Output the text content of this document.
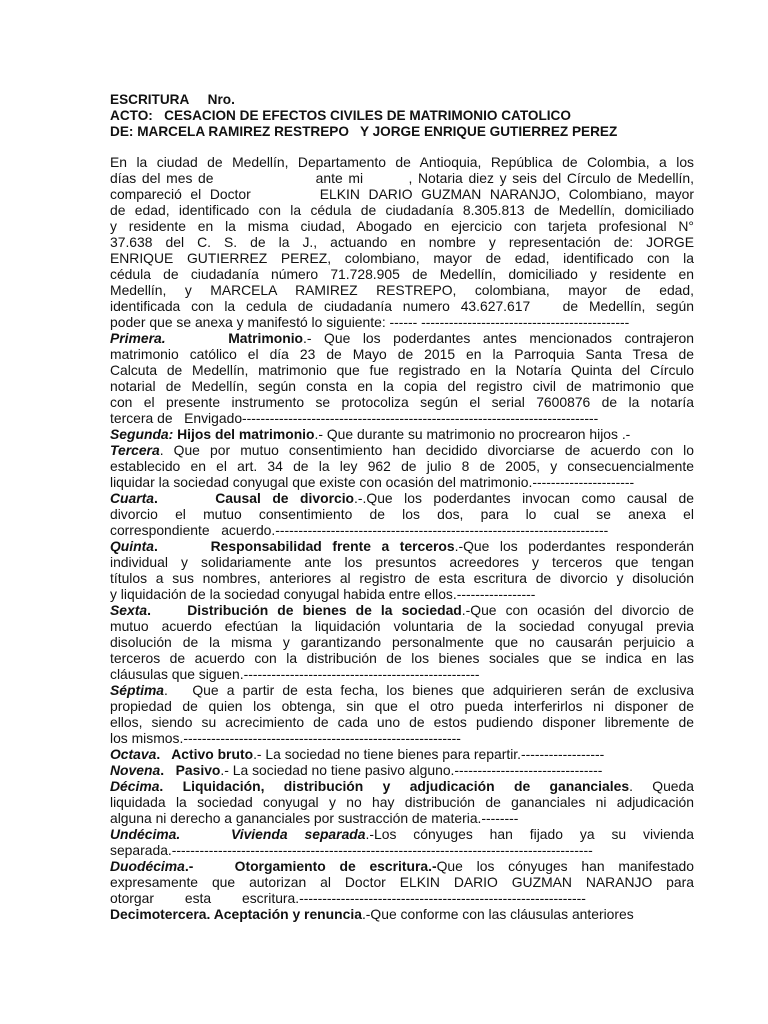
ESCRITURA     Nro.

ACTO:   CESACION DE EFECTOS CIVILES DE MATRIMONIO CATOLICO

DE: MARCELA RAMIREZ RESTREPO   Y JORGE ENRIQUE GUTIERREZ PEREZ

En la ciudad de Medellín, Departamento de Antioquia, República de Colombia, a los
días del mes de                  ante mi        , Notaria diez y seis del Círculo de Medellín,
compareció el Doctor        ELKIN DARIO GUZMAN NARANJO, Colombiano, mayor
de edad, identificado con la cédula de ciudadanía 8.305.813 de Medellín, domiciliado
y residente en la misma ciudad, Abogado en ejercicio con tarjeta profesional N°
37.638 del C. S. de la J., actuando en nombre y representación de: JORGE
ENRIQUE GUTIERREZ PEREZ, colombiano, mayor de edad, identificado con la
cédula de ciudadanía número 71.728.905 de Medellín, domiciliado y residente en
Medellín, y MARCELA RAMIREZ RESTREPO, colombiana, mayor de edad,
identificada con la cedula de ciudadanía numero 43.627.617   de Medellín, según
poder que se anexa y manifestó lo siguiente: ------ ---------------------------------------------
Primera.     Matrimonio.- Que los poderdantes antes mencionados contrajeron
matrimonio católico el día 23 de Mayo de 2015 en la Parroquia Santa Tresa de
Calcuta de Medellín, matrimonio que fue registrado en la Notaría Quinta del Círculo
notarial de Medellín, según consta en la copia del registro civil de matrimonio que
con el presente instrumento se protocoliza según el serial 7600876 de la notaría
tercera de   Envigado-----------------------------------------------------------------------------
Segunda: Hijos del matrimonio.- Que durante su matrimonio no procrearon hijos .-
Tercera. Que por mutuo consentimiento han decidido divorciarse de acuerdo con lo
establecido en el art. 34 de la ley 962 de julio 8 de 2005, y consecuencialmente
liquidar la sociedad conyugal que existe con ocasión del matrimonio.----------------------
Cuarta.     Causal de divorcio.-.Que los poderdantes invocan como causal de
divorcio el mutuo consentimiento de los dos, para lo cual se anexa el
correspondiente   acuerdo.------------------------------------------------------------------------
Quinta.     Responsabilidad frente a terceros.-Que los poderdantes responderán
individual y solidariamente ante los presuntos acreedores y terceros que tengan
títulos a sus nombres, anteriores al registro de esta escritura de divorcio y disolución
y liquidación de la sociedad conyugal habida entre ellos.-----------------
Sexta.    Distribución de bienes de la sociedad.-Que con ocasión del divorcio de
mutuo acuerdo efectúan la liquidación voluntaria de la sociedad conyugal previa
disolución de la misma y garantizando personalmente que no causarán perjuicio a
terceros de acuerdo con la distribución de los bienes sociales que se indica en las
cláusulas que siguen.---------------------------------------------------
Séptima.   Que a partir de esta fecha, los bienes que adquirieren serán de exclusiva
propiedad de quien los obtenga, sin que el otro pueda interferirlos ni disponer de
ellos, siendo su acrecimiento de cada uno de estos pudiendo disponer libremente de
los mismos.------------------------------------------------------------
Octava.   Activo bruto.- La sociedad no tiene bienes para repartir.------------------
Novena.   Pasivo.- La sociedad no tiene pasivo alguno.--------------------------------
Décima. Liquidación, distribución y adjudicación de gananciales. Queda
liquidada la sociedad conyugal y no hay distribución de gananciales ni adjudicación
alguna ni derecho a gananciales por sustracción de materia.--------
Undécima.   Vivienda separada.-Los cónyuges han fijado ya su vivienda
separada.-------------------------------------------------------------------------------------------
Duodécima.-   Otorgamiento de escritura.-Que los cónyuges han manifestado
expresamente que autorizan al Doctor ELKIN DARIO GUZMAN NARANJO para
otorgar        esta        escritura.--------------------------------------------------------------
Decimotercera. Aceptación y renuncia.-Que conforme con las cláusulas anteriores
